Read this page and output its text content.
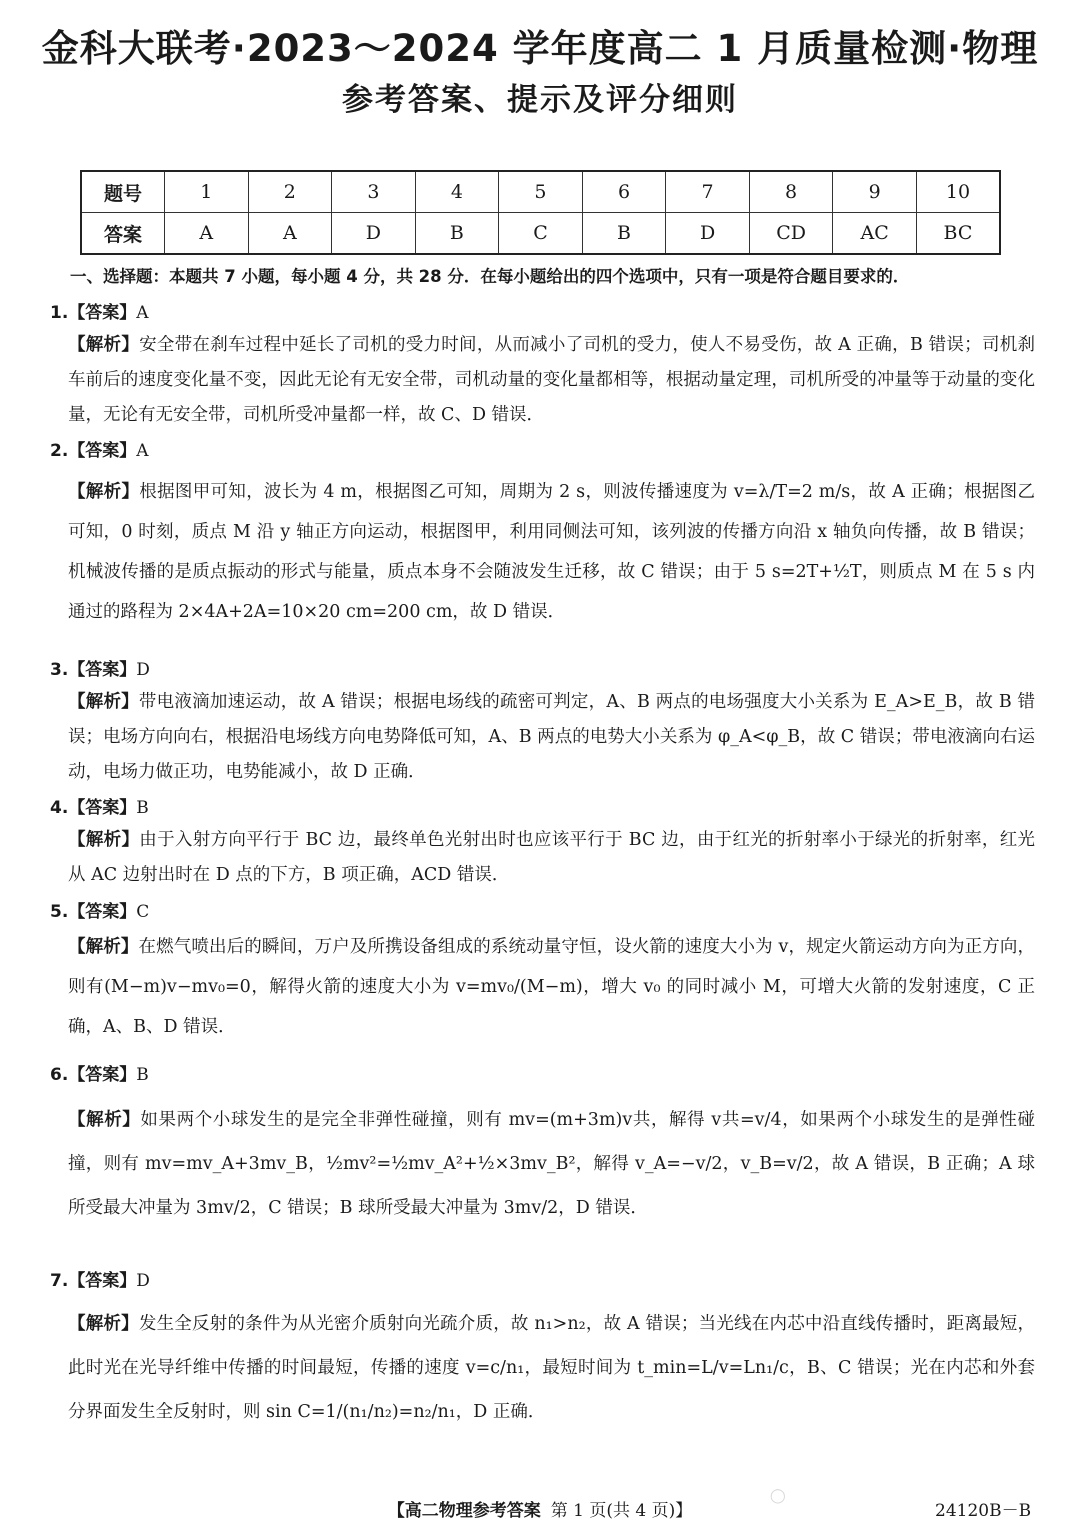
金科大联考·2023～2024 学年度高二 1 月质量检测·物理
参考答案、提示及评分细则
题号	1	2	3	4	5	6	7	8	9	10
答案	A	A	D	B	C	B	D	CD	AC	BC
一、选择题：本题共 7 小题，每小题 4 分，共 28 分．在每小题给出的四个选项中，只有一项是符合题目要求的．
1.【答案】A
【解析】安全带在刹车过程中延长了司机的受力时间，从而减小了司机的受力，使人不易受伤，故 A 正确，B 错误；司机刹车前后的速度变化量不变，因此无论有无安全带，司机动量的变化量都相等，根据动量定理，司机所受的冲量等于动量的变化量，无论有无安全带，司机所受冲量都一样，故 C、D 错误．
2.【答案】A
【解析】根据图甲可知，波长为 4 m，根据图乙可知，周期为 2 s，则波传播速度为 v=λ/T=2 m/s，故 A 正确；根据图乙可知，0 时刻，质点 M 沿 y 轴正方向运动，根据图甲，利用同侧法可知，该列波的传播方向沿 x 轴负向传播，故 B 错误；机械波传播的是质点振动的形式与能量，质点本身不会随波发生迁移，故 C 错误；由于 5 s=2T+½T，则质点 M 在 5 s 内通过的路程为 2×4A+2A=10×20 cm=200 cm，故 D 错误．
3.【答案】D
【解析】带电液滴加速运动，故 A 错误；根据电场线的疏密可判定，A、B 两点的电场强度大小关系为 E_A>E_B，故 B 错误；电场方向向右，根据沿电场线方向电势降低可知，A、B 两点的电势大小关系为 φ_A<φ_B，故 C 错误；带电液滴向右运动，电场力做正功，电势能减小，故 D 正确．
4.【答案】B
【解析】由于入射方向平行于 BC 边，最终单色光射出时也应该平行于 BC 边，由于红光的折射率小于绿光的折射率，红光从 AC 边射出时在 D 点的下方，B 项正确，ACD 错误．
5.【答案】C
【解析】在燃气喷出后的瞬间，万户及所携设备组成的系统动量守恒，设火箭的速度大小为 v，规定火箭运动方向为正方向，则有(M−m)v−mv₀=0，解得火箭的速度大小为 v=mv₀/(M−m)，增大 v₀ 的同时减小 M，可增大火箭的发射速度，C 正确，A、B、D 错误．
6.【答案】B
【解析】如果两个小球发生的是完全非弹性碰撞，则有 mv=(m+3m)v共，解得 v共=v/4，如果两个小球发生的是弹性碰撞，则有 mv=mv_A+3mv_B，½mv²=½mv_A²+½×3mv_B²，解得 v_A=−v/2，v_B=v/2，故 A 错误，B 正确；A 球所受最大冲量为 3mv/2，C 错误；B 球所受最大冲量为 3mv/2，D 错误．
7.【答案】D
【解析】发生全反射的条件为从光密介质射向光疏介质，故 n₁>n₂，故 A 错误；当光线在内芯中沿直线传播时，距离最短，此时光在光导纤维中传播的时间最短，传播的速度 v=c/n₁，最短时间为 t_min=L/v=Ln₁/c，B、C 错误；光在内芯和外套分界面发生全反射时，则 sin C=1/(n₁/n₂)=n₂/n₁，D 正确．
◯
【高二物理参考答案 第 1 页(共 4 页)】	24120B－B
